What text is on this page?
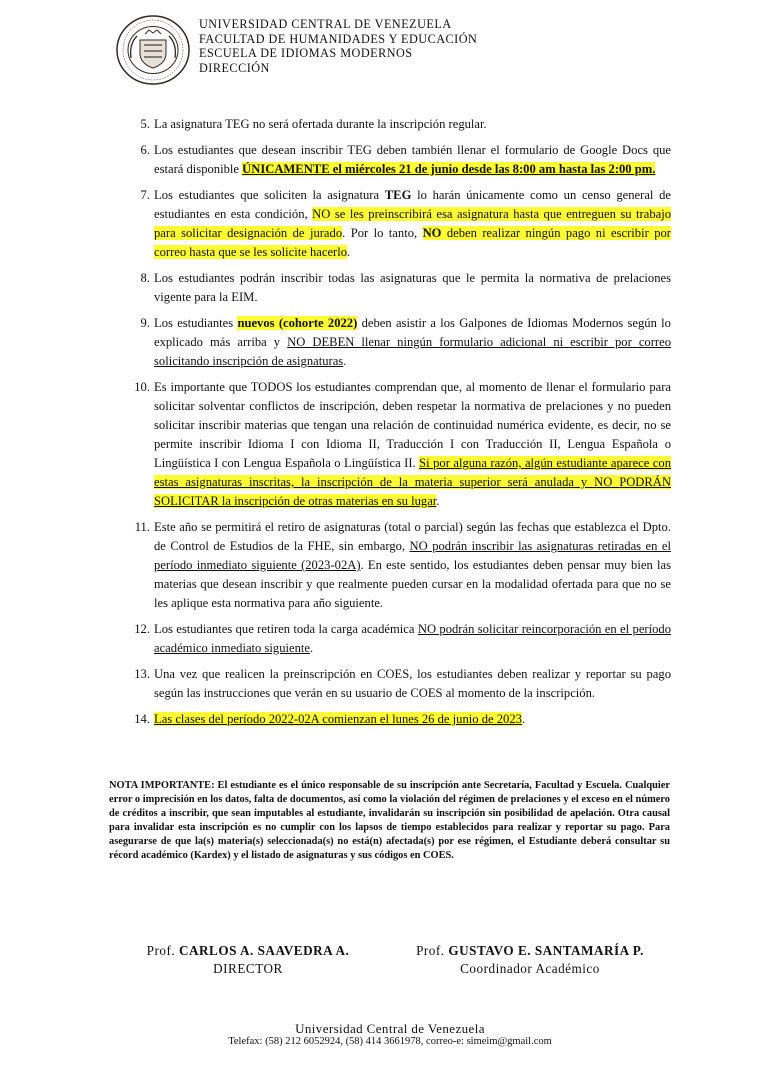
UNIVERSIDAD CENTRAL DE VENEZUELA
FACULTAD DE HUMANIDADES Y EDUCACIÓN
ESCUELA DE IDIOMAS MODERNOS
DIRECCIÓN
5. La asignatura TEG no será ofertada durante la inscripción regular.
6. Los estudiantes que desean inscribir TEG deben también llenar el formulario de Google Docs que estará disponible ÚNICAMENTE el miércoles 21 de junio desde las 8:00 am hasta las 2:00 pm.
7. Los estudiantes que soliciten la asignatura TEG lo harán únicamente como un censo general de estudiantes en esta condición, NO se les preinscribirá esa asignatura hasta que entreguen su trabajo para solicitar designación de jurado. Por lo tanto, NO deben realizar ningún pago ni escribir por correo hasta que se les solicite hacerlo.
8. Los estudiantes podrán inscribir todas las asignaturas que le permita la normativa de prelaciones vigente para la EIM.
9. Los estudiantes nuevos (cohorte 2022) deben asistir a los Galpones de Idiomas Modernos según lo explicado más arriba y NO DEBEN llenar ningún formulario adicional ni escribir por correo solicitando inscripción de asignaturas.
10. Es importante que TODOS los estudiantes comprendan que, al momento de llenar el formulario para solicitar solventar conflictos de inscripción, deben respetar la normativa de prelaciones y no pueden solicitar inscribir materias que tengan una relación de continuidad numérica evidente, es decir, no se permite inscribir Idioma I con Idioma II, Traducción I con Traducción II, Lengua Española o Lingüística I con Lengua Española o Lingüística II. Si por alguna razón, algún estudiante aparece con estas asignaturas inscritas, la inscripción de la materia superior será anulada y NO PODRÁN SOLICITAR la inscripción de otras materias en su lugar.
11. Este año se permitirá el retiro de asignaturas (total o parcial) según las fechas que establezca el Dpto. de Control de Estudios de la FHE, sin embargo, NO podrán inscribir las asignaturas retiradas en el período inmediato siguiente (2023-02A). En este sentido, los estudiantes deben pensar muy bien las materias que desean inscribir y que realmente pueden cursar en la modalidad ofertada para que no se les aplique esta normativa para año siguiente.
12. Los estudiantes que retiren toda la carga académica NO podrán solicitar reincorporación en el período académico inmediato siguiente.
13. Una vez que realicen la preinscripción en COES, los estudiantes deben realizar y reportar su pago según las instrucciones que verán en su usuario de COES al momento de la inscripción.
14. Las clases del período 2022-02A comienzan el lunes 26 de junio de 2023.
NOTA IMPORTANTE: El estudiante es el único responsable de su inscripción ante Secretaría, Facultad y Escuela. Cualquier error o imprecisión en los datos, falta de documentos, así como la violación del régimen de prelaciones y el exceso en el número de créditos a inscribir, que sean imputables al estudiante, invalidarán su inscripción sin posibilidad de apelación. Otra causal para invalidar esta inscripción es no cumplir con los lapsos de tiempo establecidos para realizar y reportar su pago. Para asegurarse de que la(s) materia(s) seleccionada(s) no está(n) afectada(s) por ese régimen, el Estudiante deberá consultar su récord académico (Kardex) y el listado de asignaturas y sus códigos en COES.
Prof. CARLOS A. SAAVEDRA A.
DIRECTOR
Prof. GUSTAVO E. SANTAMARÍA P.
Coordinador Académico
Universidad Central de Venezuela
Telefax: (58) 212 6052924, (58) 414 3661978, correo-e: simeim@gmail.com
